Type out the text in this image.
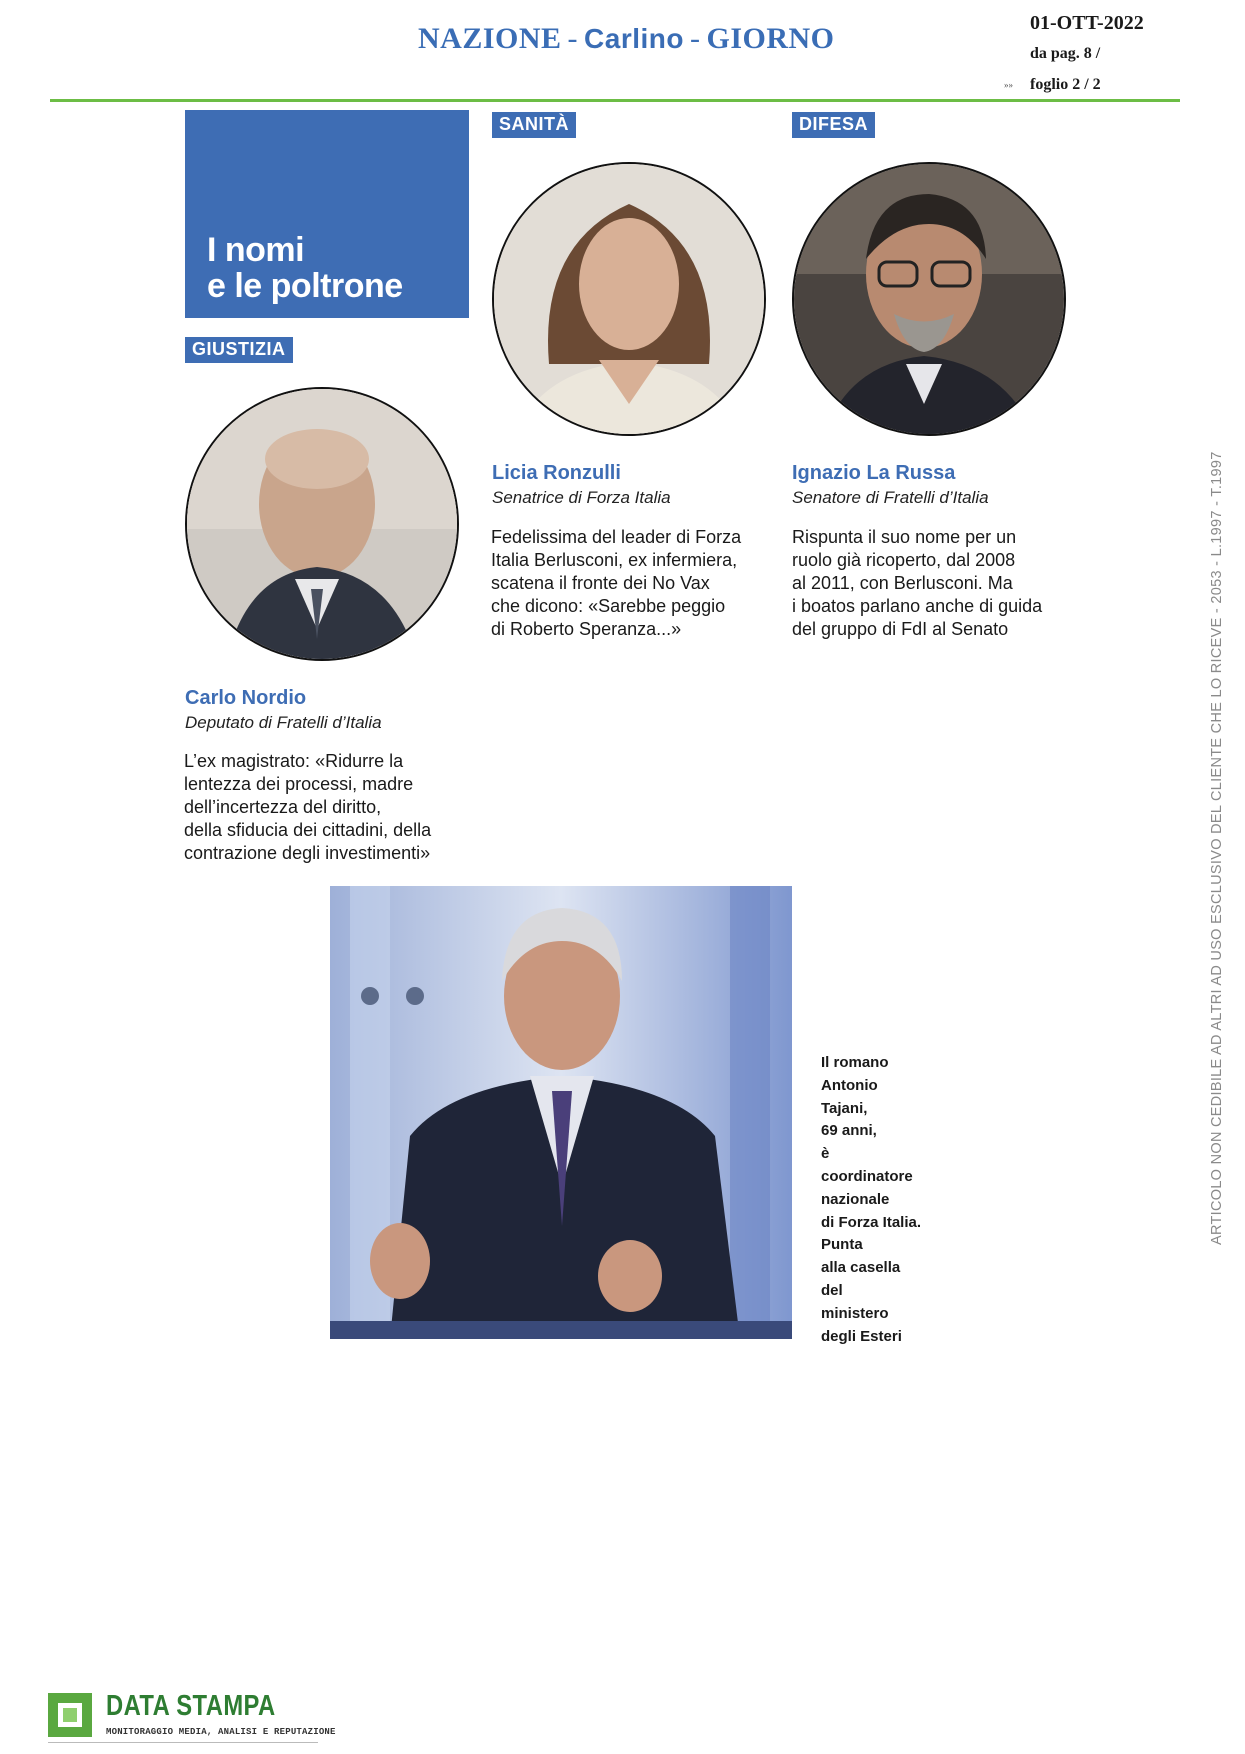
NAZIONE - Carlino - GIORNO	01-OTT-2022
da pag. 8 /
»» foglio 2 / 2
ARTICOLO NON CEDIBILE AD ALTRI AD USO ESCLUSIVO DEL CLIENTE CHE LO RICEVE - 2053 - L.1997 - T.1997
I nomi
e le poltrone
GIUSTIZIA
Carlo Nordio
Deputato di Fratelli d’Italia
L’ex magistrato: «Ridurre la
lentezza dei processi, madre
dell’incertezza del diritto,
della sfiducia dei cittadini, della
contrazione degli investimenti»
SANITÀ
Licia Ronzulli
Senatrice di Forza Italia
Fedelissima del leader di Forza
Italia Berlusconi, ex infermiera,
scatena il fronte dei No Vax
che dicono: «Sarebbe peggio
di Roberto Speranza...»
DIFESA
Ignazio La Russa
Senatore di Fratelli d’Italia
Rispunta il suo nome per un
ruolo già ricoperto, dal 2008
al 2011, con Berlusconi. Ma
i boatos parlano anche di guida
del gruppo di FdI al Senato
Il romano
Antonio
Tajani,
69 anni,
è
coordinatore
nazionale
di Forza Italia.
Punta
alla casella
del
ministero
degli Esteri
DATA STAMPA
MONITORAGGIO MEDIA, ANALISI E REPUTAZIONE
